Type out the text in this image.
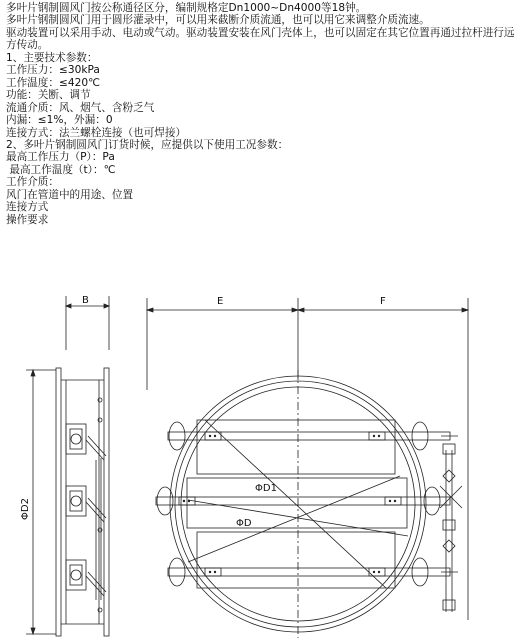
多叶片钢制圆风门按公称通径区分，编制规格定Dn1000~Dn4000等18钟。
多叶片钢制圆风门用于圆形灌录中，可以用来截断介质流通，也可以用它来调整介质流速。
驱动装置可以采用手动、电动或气动。驱动装置安装在风门壳体上，也可以固定在其它位置再通过拉杆进行远方传动。
1、主要技术参数：
工作压力：≤30kPa
工作温度：≤420℃
功能：关断、调节
流通介质：风、烟气、含粉乏气
内漏：≤1%，外漏：0
连接方式：法兰螺栓连接（也可焊接）
2、多叶片钢制圆风门订货时候，应提供以下使用工况参数：
最高工作压力（P）：Pa
最高工作温度（t）：℃
工作介质：
风门在管道中的用途、位置
连接方式
操作要求
B	E	F
ΦD2
ΦD1
ΦD
